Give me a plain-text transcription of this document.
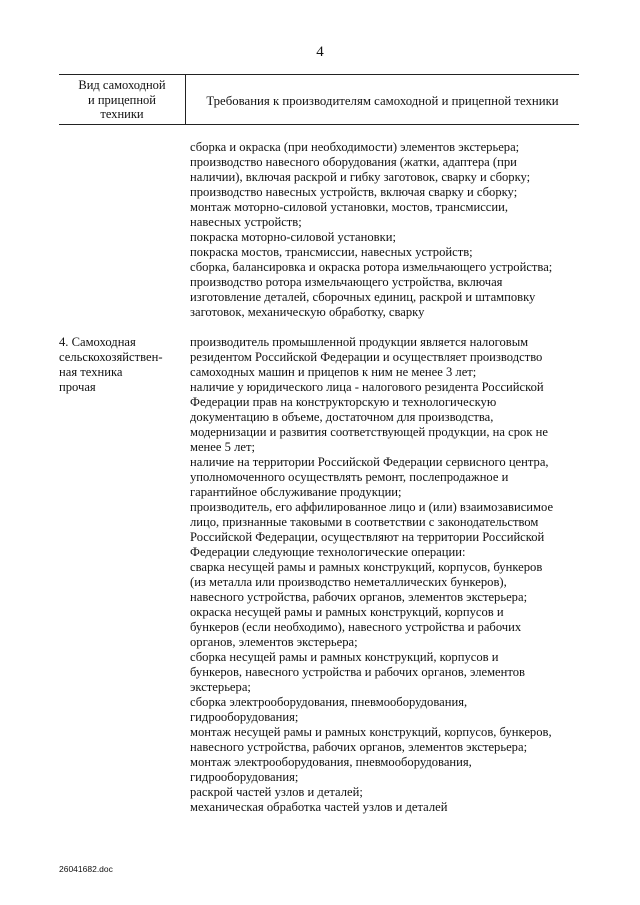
4
Вид самоходной
и прицепной
техники
Требования к производителям самоходной и прицепной техники
сборка и окраска (при необходимости) элементов экстерьера;
производство навесного оборудования (жатки, адаптера (при
наличии), включая раскрой и гибку заготовок, сварку и сборку;
производство навесных устройств, включая сварку и сборку;
монтаж моторно-силовой установки, мостов, трансмиссии,
навесных устройств;
покраска моторно-силовой установки;
покраска мостов, трансмиссии, навесных устройств;
сборка, балансировка и окраска ротора измельчающего устройства;
производство ротора измельчающего устройства, включая
изготовление деталей, сборочных единиц, раскрой и штамповку
заготовок, механическую обработку, сварку
4. Самоходная
сельскохозяйствен-
ная техника
прочая
производитель промышленной продукции является налоговым
резидентом Российской Федерации и осуществляет производство
самоходных машин и прицепов к ним не менее 3 лет;
наличие у юридического лица - налогового резидента Российской
Федерации прав на конструкторскую и технологическую
документацию в объеме, достаточном для производства,
модернизации и развития соответствующей продукции, на срок не
менее 5 лет;
наличие на территории Российской Федерации сервисного центра,
уполномоченного осуществлять ремонт, послепродажное и
гарантийное обслуживание продукции;
производитель, его аффилированное лицо и (или) взаимозависимое
лицо, признанные таковыми в соответствии с законодательством
Российской Федерации, осуществляют на территории Российской
Федерации следующие технологические операции:
сварка несущей рамы и рамных конструкций, корпусов, бункеров
(из металла или производство неметаллических бункеров),
навесного устройства, рабочих органов, элементов экстерьера;
окраска несущей рамы и рамных конструкций, корпусов и
бункеров (если необходимо), навесного устройства и рабочих
органов, элементов экстерьера;
сборка несущей рамы и рамных конструкций, корпусов и
бункеров, навесного устройства и рабочих органов, элементов
экстерьера;
сборка электрооборудования, пневмооборудования,
гидрооборудования;
монтаж несущей рамы и рамных конструкций, корпусов, бункеров,
навесного устройства, рабочих органов, элементов экстерьера;
монтаж электрооборудования, пневмооборудования,
гидрооборудования;
раскрой частей узлов и деталей;
механическая обработка частей узлов и деталей
26041682.doc
